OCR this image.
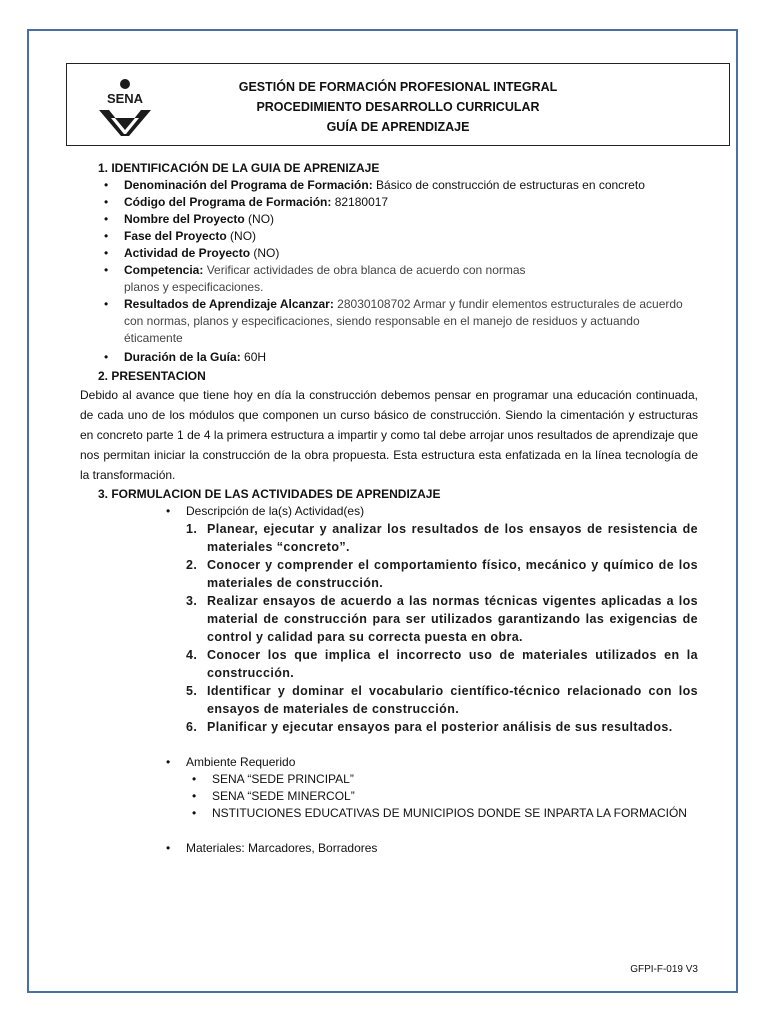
SENA
GESTIÓN DE FORMACIÓN PROFESIONAL INTEGRAL
PROCEDIMIENTO DESARROLLO CURRICULAR
GUÍA DE APRENDIZAJE

1. IDENTIFICACIÓN DE LA GUIA DE APRENIZAJE

• Denominación del Programa de Formación: Básico de construcción de estructuras en concreto
• Código del Programa de Formación: 82180017
• Nombre del Proyecto (NO)
• Fase del Proyecto (NO)
• Actividad de Proyecto (NO)
• Competencia: Verificar actividades de obra blanca de acuerdo con normas planos y especificaciones.
• Resultados de Aprendizaje Alcanzar: 28030108702 Armar y fundir elementos estructurales de acuerdo con normas, planos y especificaciones, siendo responsable en el manejo de residuos y actuando éticamente
• Duración de la Guía: 60H

2. PRESENTACION

Debido al avance que tiene hoy en día la construcción debemos pensar en programar una educación continuada, de cada uno de los módulos que componen un curso básico de construcción. Siendo la cimentación y estructuras en concreto parte 1 de 4 la primera estructura a impartir y como tal debe arrojar unos resultados de aprendizaje que nos permitan iniciar la construcción de la obra propuesta. Esta estructura esta enfatizada en la línea tecnología de la transformación.

3. FORMULACION DE LAS ACTIVIDADES DE APRENDIZAJE

• Descripción de la(s) Actividad(es)
1. Planear, ejecutar y analizar los resultados de los ensayos de resistencia de materiales “concreto”.
2. Conocer y comprender el comportamiento físico, mecánico y químico de los materiales de construcción.
3. Realizar ensayos de acuerdo a las normas técnicas vigentes aplicadas a los material de construcción para ser utilizados garantizando las exigencias de control y calidad para su correcta puesta en obra.
4. Conocer los que implica el incorrecto uso de materiales utilizados en la construcción.
5. Identificar y dominar el vocabulario científico-técnico relacionado con los ensayos de materiales de construcción.
6. Planificar y ejecutar ensayos para el posterior análisis de sus resultados.
• Ambiente Requerido
• SENA “SEDE PRINCIPAL”
• SENA “SEDE MINERCOL”
• NSTITUCIONES EDUCATIVAS DE MUNICIPIOS DONDE SE INPARTA LA FORMACIÓN
• Materiales: Marcadores, Borradores
GFPI-F-019 V3
